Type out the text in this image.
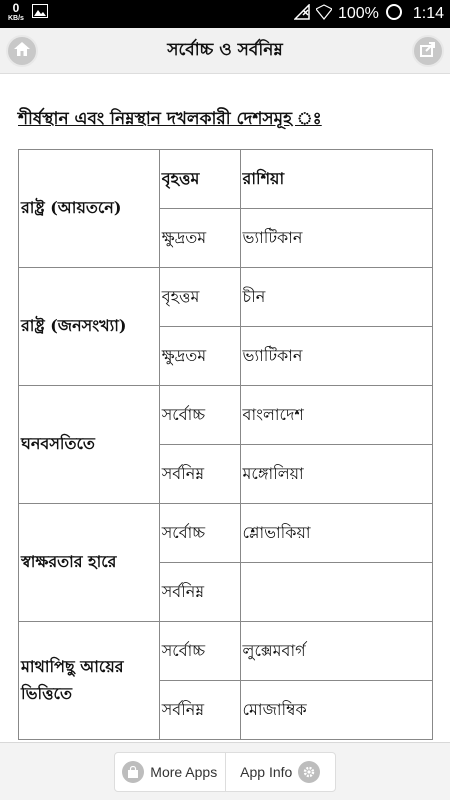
0
KB/s	100% 1:14
সর্বোচ্চ ও সর্বনিম্ন
শীর্ষস্থান এবং নিম্নস্থান দখলকারী দেশসমূহ ঃ
রাষ্ট্র (আয়তনে)	বৃহত্তম	রাশিয়া
	ক্ষুদ্রতম	ভ্যাটিকান
রাষ্ট্র (জনসংখ্যা)	বৃহত্তম	চীন
	ক্ষুদ্রতম	ভ্যাটিকান
ঘনবসতিতে	সর্বোচ্চ	বাংলাদেশ
	সর্বনিম্ন	মঙ্গোলিয়া
স্বাক্ষরতার হারে	সর্বোচ্চ	শ্লোভাকিয়া
	সর্বনিম্ন	
মাথাপিছু আয়ের ভিত্তিতে	সর্বোচ্চ	লুক্সেমবার্গ
	সর্বনিম্ন	মোজাম্বিক
More Apps App Info
